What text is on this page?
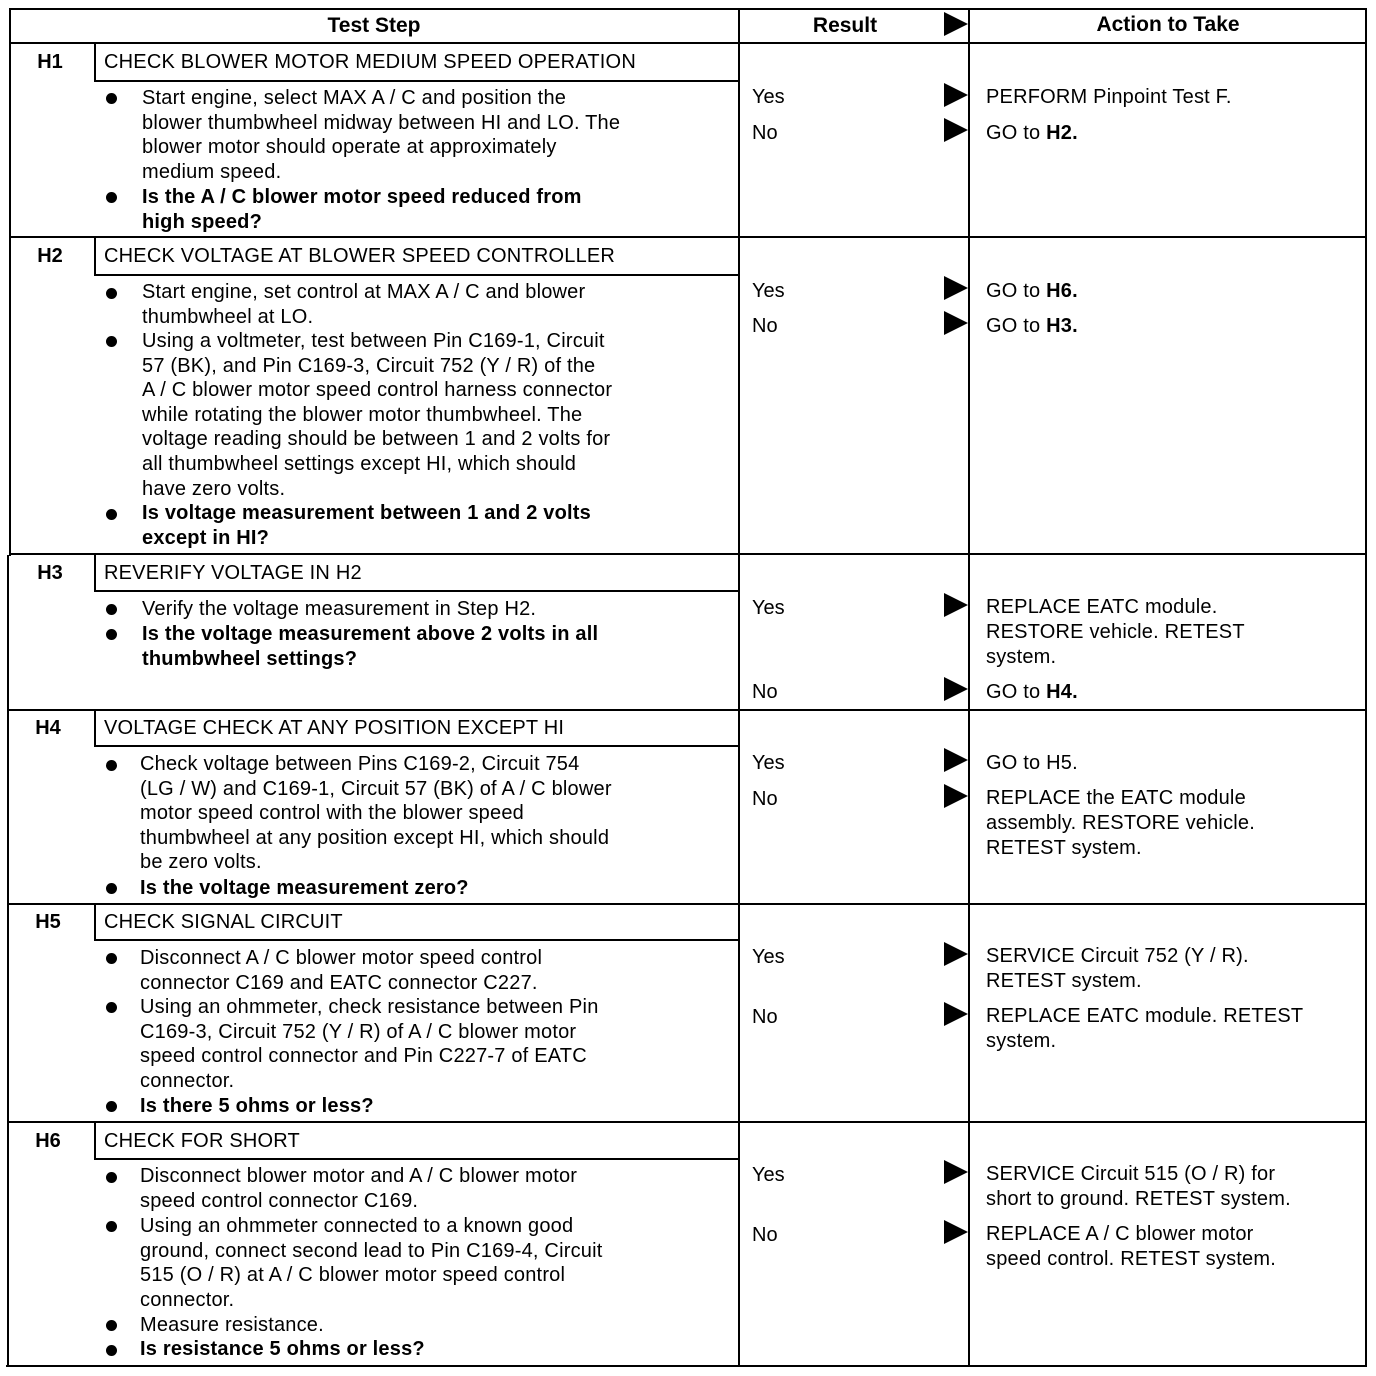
Test Step	Result	Action to Take
H1	CHECK BLOWER MOTOR MEDIUM SPEED OPERATION
Start engine, select MAX A / C and position the
blower thumbwheel midway between HI and LO. The
blower motor should operate at approximately
medium speed.
Is the A / C blower motor speed reduced from
high speed?
Yes	PERFORM Pinpoint Test F.
No	GO to H2.
H2	CHECK VOLTAGE AT BLOWER SPEED CONTROLLER
Start engine, set control at MAX A / C and blower
thumbwheel at LO.
Using a voltmeter, test between Pin C169-1, Circuit
57 (BK), and Pin C169-3, Circuit 752 (Y / R) of the
A / C blower motor speed control harness connector
while rotating the blower motor thumbwheel. The
voltage reading should be between 1 and 2 volts for
all thumbwheel settings except HI, which should
have zero volts.
Is voltage measurement between 1 and 2 volts
except in HI?
Yes	GO to H6.
No	GO to H3.
H3	REVERIFY VOLTAGE IN H2
Verify the voltage measurement in Step H2.
Is the voltage measurement above 2 volts in all
thumbwheel settings?
Yes	REPLACE EATC module.
RESTORE vehicle. RETEST
system.
No	GO to H4.
H4	VOLTAGE CHECK AT ANY POSITION EXCEPT HI
Check voltage between Pins C169-2, Circuit 754
(LG / W) and C169-1, Circuit 57 (BK) of A / C blower
motor speed control with the blower speed
thumbwheel at any position except HI, which should
be zero volts.
Is the voltage measurement zero?
Yes	GO to H5.
No	REPLACE the EATC module
assembly. RESTORE vehicle.
RETEST system.
H5	CHECK SIGNAL CIRCUIT
Disconnect A / C blower motor speed control
connector C169 and EATC connector C227.
Using an ohmmeter, check resistance between Pin
C169-3, Circuit 752 (Y / R) of A / C blower motor
speed control connector and Pin C227-7 of EATC
connector.
Is there 5 ohms or less?
Yes	SERVICE Circuit 752 (Y / R).
RETEST system.
No	REPLACE EATC module. RETEST
system.
H6	CHECK FOR SHORT
Disconnect blower motor and A / C blower motor
speed control connector C169.
Using an ohmmeter connected to a known good
ground, connect second lead to Pin C169-4, Circuit
515 (O / R) at A / C blower motor speed control
connector.
Measure resistance.
Is resistance 5 ohms or less?
Yes	SERVICE Circuit 515 (O / R) for
short to ground. RETEST system.
No	REPLACE A / C blower motor
speed control. RETEST system.
